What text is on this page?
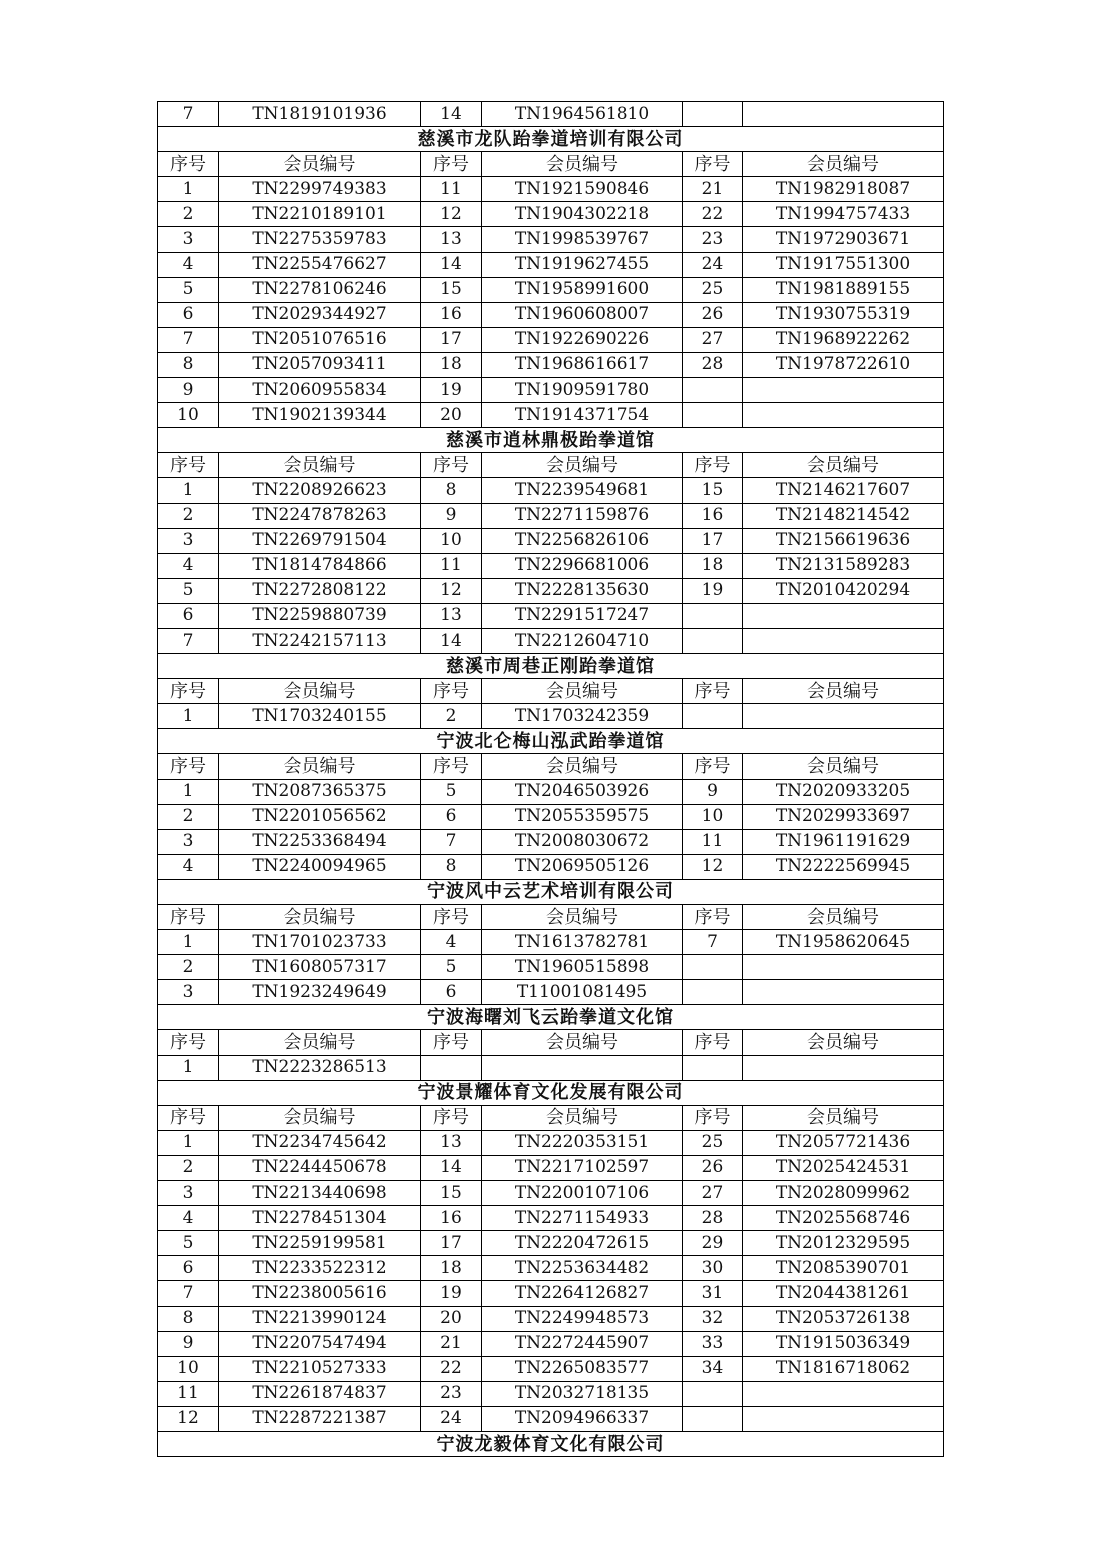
7	TN1819101936	14	TN1964561810		
慈溪市龙队跆拳道培训有限公司					
序号	会员编号	序号	会员编号	序号	会员编号
1	TN2299749383	11	TN1921590846	21	TN1982918087
2	TN2210189101	12	TN1904302218	22	TN1994757433
3	TN2275359783	13	TN1998539767	23	TN1972903671
4	TN2255476627	14	TN1919627455	24	TN1917551300
5	TN2278106246	15	TN1958991600	25	TN1981889155
6	TN2029344927	16	TN1960608007	26	TN1930755319
7	TN2051076516	17	TN1922690226	27	TN1968922262
8	TN2057093411	18	TN1968616617	28	TN1978722610
9	TN2060955834	19	TN1909591780		
10	TN1902139344	20	TN1914371754		
慈溪市逍林鼎极跆拳道馆					
序号	会员编号	序号	会员编号	序号	会员编号
1	TN2208926623	8	TN2239549681	15	TN2146217607
2	TN2247878263	9	TN2271159876	16	TN2148214542
3	TN2269791504	10	TN2256826106	17	TN2156619636
4	TN1814784866	11	TN2296681006	18	TN2131589283
5	TN2272808122	12	TN2228135630	19	TN2010420294
6	TN2259880739	13	TN2291517247		
7	TN2242157113	14	TN2212604710		
慈溪市周巷正刚跆拳道馆					
序号	会员编号	序号	会员编号	序号	会员编号
1	TN1703240155	2	TN1703242359		
宁波北仑梅山泓武跆拳道馆					
序号	会员编号	序号	会员编号	序号	会员编号
1	TN2087365375	5	TN2046503926	9	TN2020933205
2	TN2201056562	6	TN2055359575	10	TN2029933697
3	TN2253368494	7	TN2008030672	11	TN1961191629
4	TN2240094965	8	TN2069505126	12	TN2222569945
宁波风中云艺术培训有限公司					
序号	会员编号	序号	会员编号	序号	会员编号
1	TN1701023733	4	TN1613782781	7	TN1958620645
2	TN1608057317	5	TN1960515898		
3	TN1923249649	6	T11001081495		
宁波海曙刘飞云跆拳道文化馆					
序号	会员编号	序号	会员编号	序号	会员编号
1	TN2223286513				
宁波景耀体育文化发展有限公司					
序号	会员编号	序号	会员编号	序号	会员编号
1	TN2234745642	13	TN2220353151	25	TN2057721436
2	TN2244450678	14	TN2217102597	26	TN2025424531
3	TN2213440698	15	TN2200107106	27	TN2028099962
4	TN2278451304	16	TN2271154933	28	TN2025568746
5	TN2259199581	17	TN2220472615	29	TN2012329595
6	TN2233522312	18	TN2253634482	30	TN2085390701
7	TN2238005616	19	TN2264126827	31	TN2044381261
8	TN2213990124	20	TN2249948573	32	TN2053726138
9	TN2207547494	21	TN2272445907	33	TN1915036349
10	TN2210527333	22	TN2265083577	34	TN1816718062
11	TN2261874837	23	TN2032718135		
12	TN2287221387	24	TN2094966337		
宁波龙毅体育文化有限公司					
